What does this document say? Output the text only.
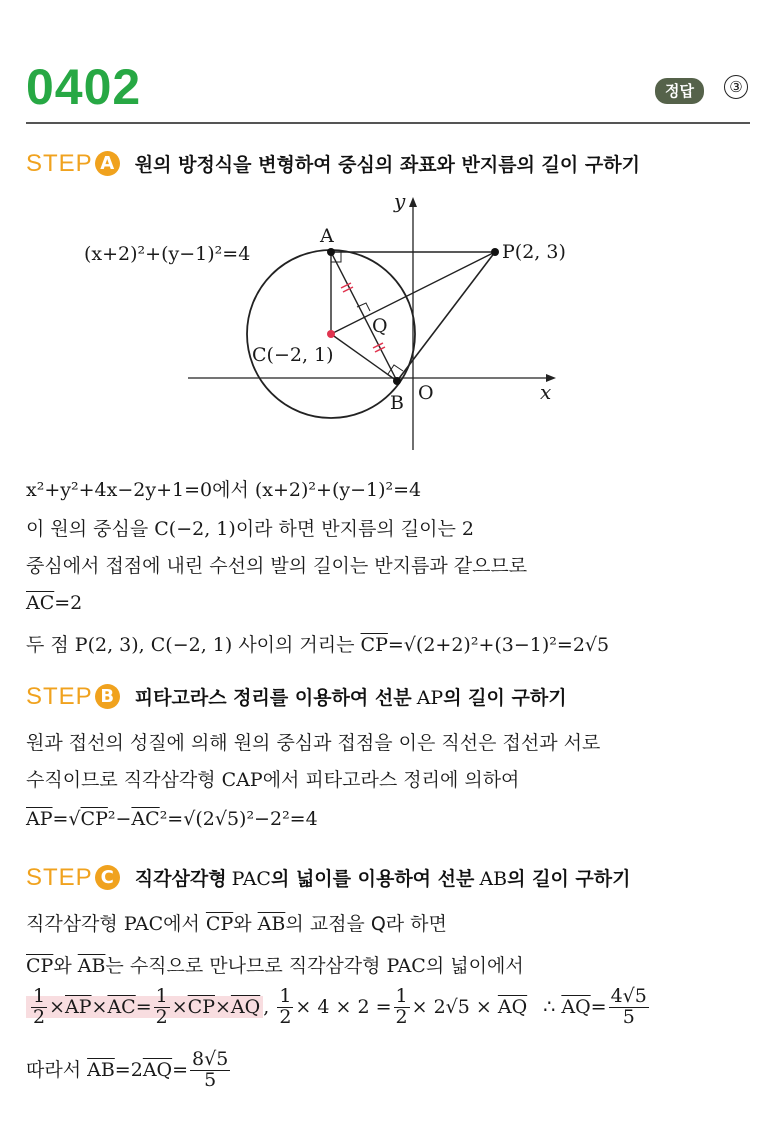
0402	정답	③
STEP A 원의 방정식을 변형하여 중심의 좌표와 반지름의 길이 구하기
(x+2)²+(y−1)²=4
A
P(2, 3)
Q
C(−2, 1)
B O	x
y
x²+y²+4x−2y+1=0에서 (x+2)²+(y−1)²=4
이 원의 중심을 C(−2, 1)이라 하면 반지름의 길이는 2
중심에서 접점에 내린 수선의 발의 길이는 반지름과 같으므로
$\overline{AC}=2$
두 점 P(2, 3), C(−2, 1) 사이의 거리는 $\overline{CP}=√(2+2)^2+(3-1)^2=2√5$
STEP B 피타고라스 정리를 이용하여 선분 AP의 길이 구하기
원과 접선의 성질에 의해 원의 중심과 접점을 이은 직선은 접선과 서로
수직이므로 직각삼각형 CAP에서 피타고라스 정리에 의하여
$\overline{AP}=√CP^2-\overline{AC}^2=√(2√5)^2-2^2=4$
STEP C 직각삼각형 PAC의 넓이를 이용하여 선분 AB의 길이 구하기
직각삼각형 PAC에서 $\overline{CP}$와 $\overline{AB}$의 교점을 Q라 하면
$\overline{CP}$와 $\overline{AB}$는 수직으로 만나므로 직각삼각형 PAC의 넓이에서
$\frac{1}{2} \times\overline{AP}\times\overline{AC}= \frac{1}{2} \times\overline{CP}\times\overline{AQ}$ , $\frac{1}{2} \times 4 \times 2 = \frac{1}{2} \times 2√5 \times \overline{AQ}$ ∴ $\overline{AQ}= \frac{4√5}{5}$
따라서 $\overline{AB}=2\overline{AQ}= \frac{8√5}{5}$
